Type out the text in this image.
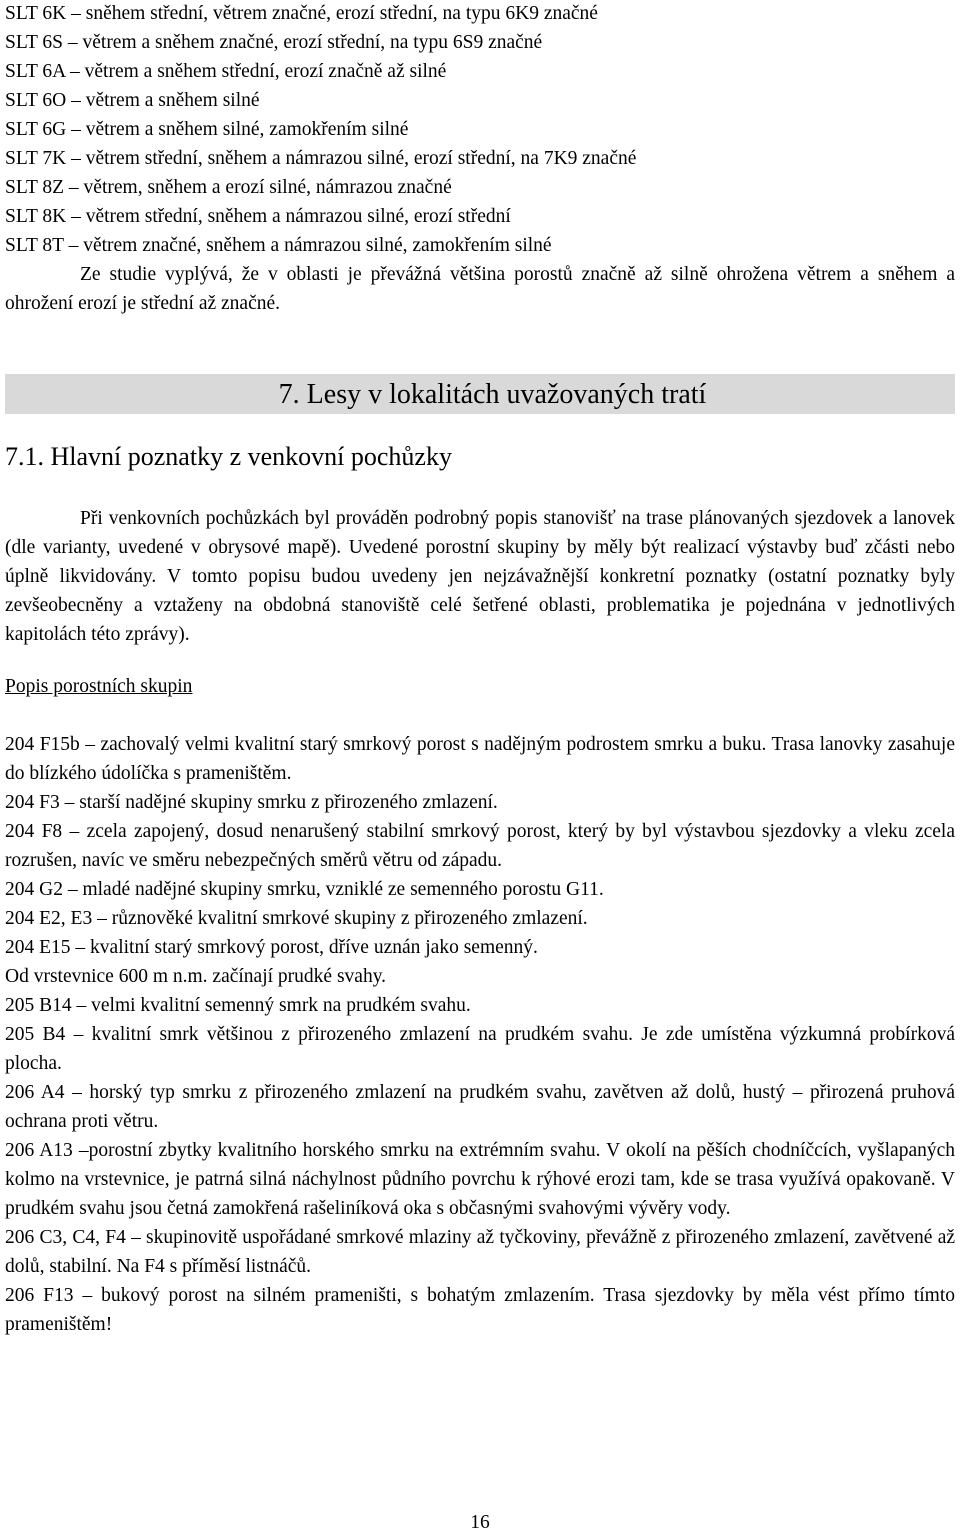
SLT 6K – sněhem střední, větrem značné, erozí střední, na typu 6K9 značné
SLT 6S – větrem a sněhem značné, erozí střední, na typu 6S9 značné
SLT 6A – větrem a sněhem střední, erozí značně až silné
SLT 6O – větrem a sněhem silné
SLT 6G – větrem a sněhem silné, zamokřením silné
SLT 7K – větrem střední, sněhem a námrazou silné, erozí střední, na 7K9 značné
SLT 8Z – větrem, sněhem a erozí silné, námrazou značné
SLT 8K – větrem střední, sněhem a námrazou silné, erozí střední
SLT 8T – větrem značné, sněhem a námrazou silné, zamokřením silné
Ze studie vyplývá, že v oblasti je převážná většina porostů značně až silně ohrožena větrem a sněhem a ohrožení erozí je střední až značné.
7. Lesy v lokalitách uvažovaných tratí
7.1. Hlavní poznatky z venkovní pochůzky
Při venkovních pochůzkách byl prováděn podrobný popis stanovišť na trase plánovaných sjezdovek a lanovek (dle varianty, uvedené v obrysové mapě). Uvedené porostní skupiny by měly být realizací výstavby buď zčásti nebo úplně likvidovány. V tomto popisu budou uvedeny jen nejzávažnější konkretní poznatky (ostatní poznatky byly zevšeobecněny a vztaženy na obdobná stanoviště celé šetřené oblasti, problematika je pojednána v jednotlivých kapitolách této zprávy).
Popis porostních skupin
204 F15b – zachovalý velmi kvalitní starý smrkový porost s nadějným podrostem smrku a buku. Trasa lanovky zasahuje do blízkého údolíčka s prameništěm.
204 F3 – starší nadějné skupiny smrku z přirozeného zmlazení.
204 F8 – zcela zapojený, dosud nenarušený stabilní smrkový porost, který by byl výstavbou sjezdovky a vleku zcela rozrušen, navíc ve směru nebezpečných směrů větru od západu.
204 G2 – mladé nadějné skupiny smrku, vzniklé ze semenného porostu G11.
204 E2, E3 – různověké kvalitní smrkové skupiny z přirozeného zmlazení.
204 E15 – kvalitní starý smrkový porost, dříve uznán jako semenný.
Od vrstevnice 600 m n.m. začínají prudké svahy.
205 B14 – velmi kvalitní semenný smrk na prudkém svahu.
205 B4 – kvalitní smrk většinou z přirozeného zmlazení na prudkém svahu. Je zde umístěna výzkumná probírková plocha.
206 A4 – horský typ smrku z přirozeného zmlazení na prudkém svahu, zavětven až dolů, hustý – přirozená pruhová ochrana proti větru.
206 A13 –porostní zbytky kvalitního horského smrku na extrémním svahu. V okolí na pěších chodníčcích, vyšlapaných kolmo na vrstevnice, je patrná silná náchylnost půdního povrchu k rýhové erozi tam, kde se trasa využívá opakovaně. V prudkém svahu jsou četná zamokřená rašeliníková oka s občasnými svahovými vývěry vody.
206 C3, C4, F4 – skupinovitě uspořádané smrkové mlaziny až tyčkoviny, převážně z přirozeného zmlazení, zavětvené až dolů, stabilní. Na F4 s příměsí listnáčů.
206 F13 – bukový porost na silném prameništi, s bohatým zmlazením. Trasa sjezdovky by měla vést přímo tímto prameništěm!
16
